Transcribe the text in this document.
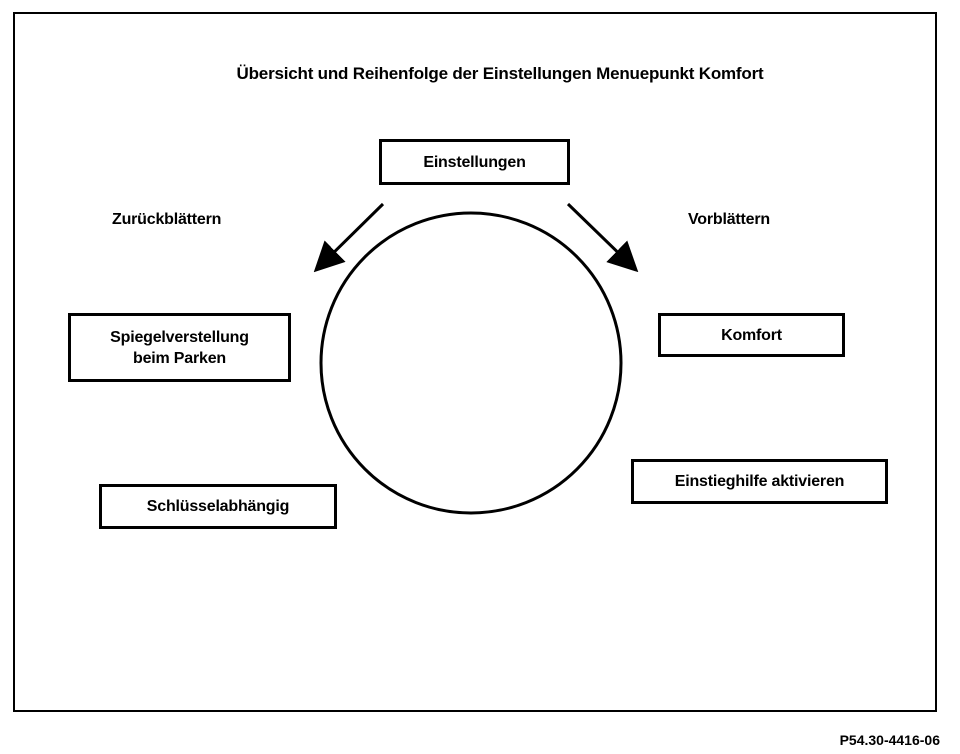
Übersicht und Reihenfolge der Einstellungen Menuepunkt Komfort
Zurückblättern	Vorblättern
Einstellungen
Komfort
Einstieghilfe aktivieren
Spiegelverstellung
beim Parken
Schlüsselabhängig
P54.30-4416-06
